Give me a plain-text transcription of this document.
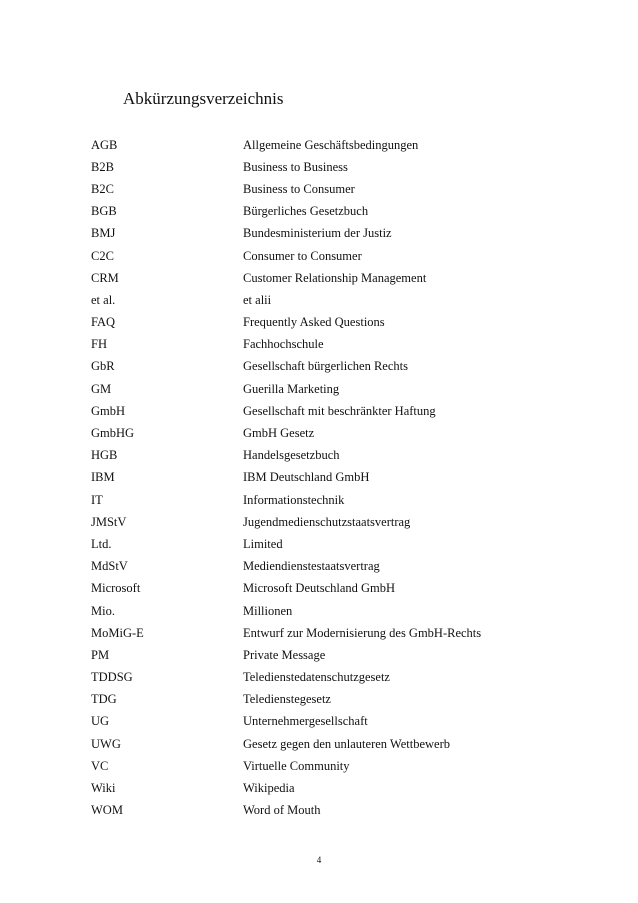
Abkürzungsverzeichnis
AGB	Allgemeine Geschäftsbedingungen
B2B	Business to Business
B2C	Business to Consumer
BGB	Bürgerliches Gesetzbuch
BMJ	Bundesministerium der Justiz
C2C	Consumer to Consumer
CRM	Customer Relationship Management
et al.	et alii
FAQ	Frequently Asked Questions
FH	Fachhochschule
GbR	Gesellschaft bürgerlichen Rechts
GM	Guerilla Marketing
GmbH	Gesellschaft mit beschränkter Haftung
GmbHG	GmbH Gesetz
HGB	Handelsgesetzbuch
IBM	IBM Deutschland GmbH
IT	Informationstechnik
JMStV	Jugendmedienschutzstaatsvertrag
Ltd.	Limited
MdStV	Mediendienstestaatsvertrag
Microsoft	Microsoft Deutschland GmbH
Mio.	Millionen
MoMiG-E	Entwurf zur Modernisierung des GmbH-Rechts
PM	Private Message
TDDSG	Teledienstedatenschutzgesetz
TDG	Teledienstegesetz
UG	Unternehmergesellschaft
UWG	Gesetz gegen den unlauteren Wettbewerb
VC	Virtuelle Community
Wiki	Wikipedia
WOM	Word of Mouth
4
